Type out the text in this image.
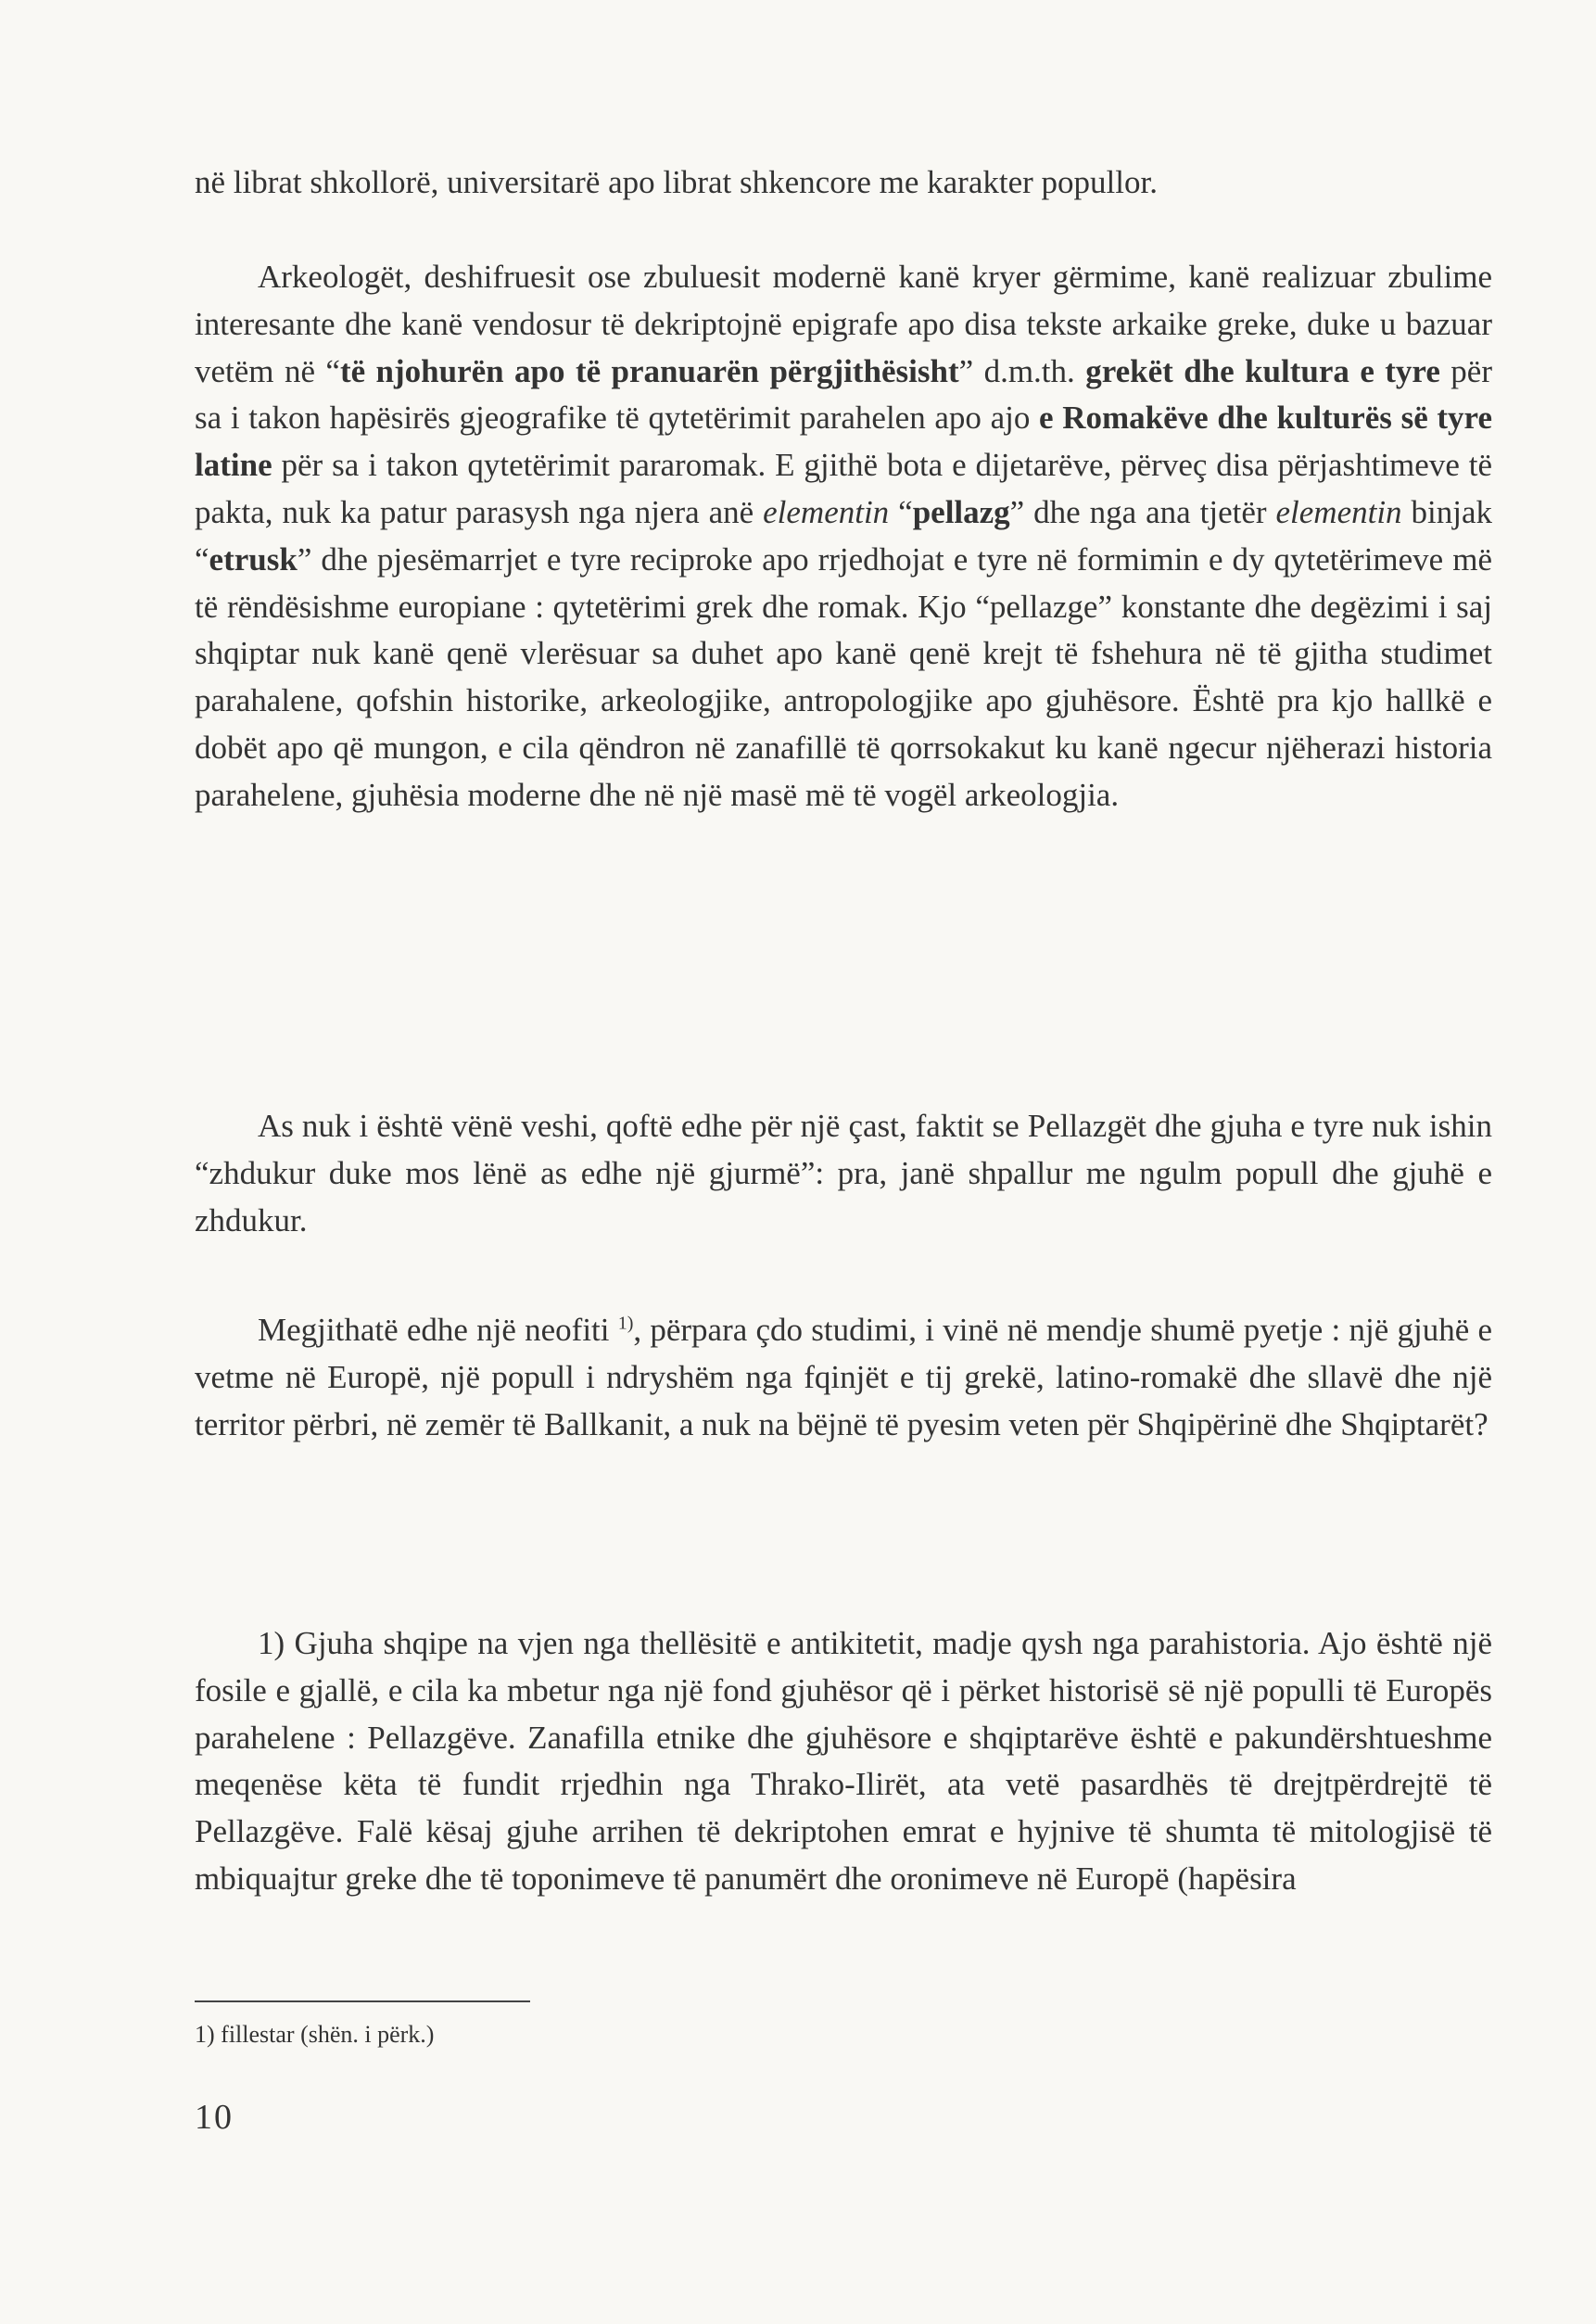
në librat shkollorë, universitarë apo librat shkencore me karakter popullor.

Arkeologët, deshifruesit ose zbuluesit modernë kanë kryer gërmime, kanë realizuar zbulime interesante dhe kanë vendosur të dekriptojnë epigrafe apo disa tekste arkaike greke, duke u bazuar vetëm në “të njohurën apo të pranuarën përgjithësisht” d.m.th. grekët dhe kultura e tyre për sa i takon hapësirës gjeografike të qytetërimit parahelen apo ajo e Romakëve dhe kulturës së tyre latine për sa i takon qytetërimit pararomak. E gjithë bota e dijetarëve, përveç disa përjashtimeve të pakta, nuk ka patur parasysh nga njera anë elementin “pellazg” dhe nga ana tjetër elementin binjak “etrusk” dhe pjesëmarrjet e tyre reciproke apo rrjedhojat e tyre në formimin e dy qytetërimeve më të rëndësishme europiane : qytetërimi grek dhe romak. Kjo “pellazge” konstante dhe degëzimi i saj shqiptar nuk kanë qenë vlerësuar sa duhet apo kanë qenë krejt të fshehura në të gjitha studimet parahalene, qofshin historike, arkeologjike, antropologjike apo gjuhësore. Është pra kjo hallkë e dobët apo që mungon, e cila qëndron në zanafillë të qorrsokakut ku kanë ngecur njëherazi historia parahelene, gjuhësia moderne dhe në një masë më të vogël arkeologjia.

As nuk i është vënë veshi, qoftë edhe për një çast, faktit se Pellazgët dhe gjuha e tyre nuk ishin “zhdukur duke mos lënë as edhe një gjurmë”: pra, janë shpallur me ngulm popull dhe gjuhë e zhdukur.

Megjithatë edhe një neofiti $^{1)}$, përpara çdo studimi, i vinë në mendje shumë pyetje : një gjuhë e vetme në Europë, një popull i ndryshëm nga fqinjët e tij grekë, latino-romakë dhe sllavë dhe një territor përbri, në zemër të Ballkanit, a nuk na bëjnë të pyesim veten për Shqipërinë dhe Shqiptarët?

1) Gjuha shqipe na vjen nga thellësitë e antikitetit, madje qysh nga parahistoria. Ajo është një fosile e gjallë, e cila ka mbetur nga një fond gjuhësor që i përket historisë së një populli të Europës parahelene : Pellazgëve. Zanafilla etnike dhe gjuhësore e shqiptarëve është e pakundërshtueshme meqenëse këta të fundit rrjedhin nga Thrako-Ilirët, ata vetë pasardhës të drejtpërdrejtë të Pellazgëve. Falë kësaj gjuhe arrihen të dekriptohen emrat e hyjnive të shumta të mitologjisë të mbiquajtur greke dhe të toponimeve të panumërt dhe oronimeve në Europë (hapësira

1) fillestar (shën. i përk.)
10
